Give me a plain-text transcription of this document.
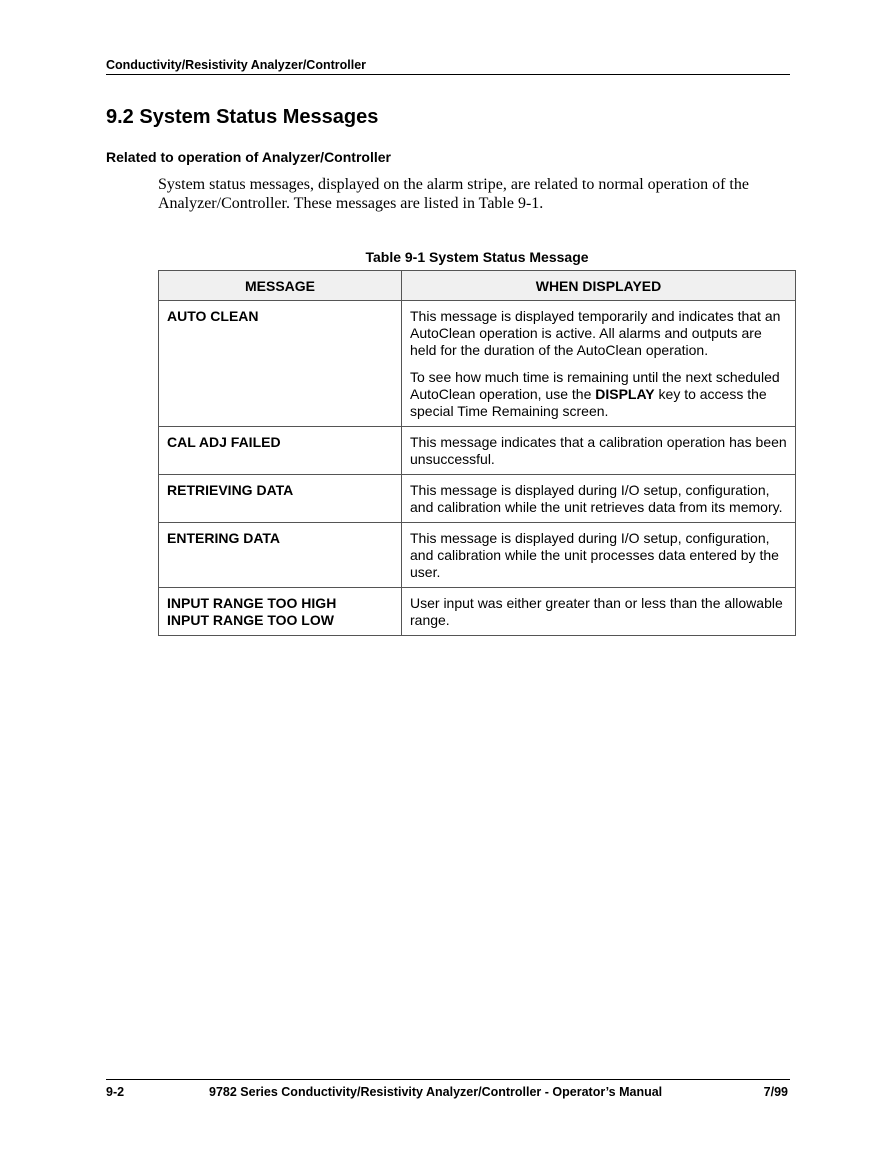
Conductivity/Resistivity Analyzer/Controller
9.2 System Status Messages
Related to operation of Analyzer/Controller

System status messages, displayed on the alarm stripe, are related to normal operation of the Analyzer/Controller. These messages are listed in Table 9-1.

Table 9-1 System Status Message
MESSAGE	WHEN DISPLAYED
AUTO CLEAN	This message is displayed temporarily and indicates that an AutoClean operation is active. All alarms and outputs are held for the duration of the AutoClean operation.

To see how much time is remaining until the next scheduled AutoClean operation, use the DISPLAY key to access the special Time Remaining screen.

CAL ADJ FAILED	This message indicates that a calibration operation has been unsuccessful.

RETRIEVING DATA	This message is displayed during I/O setup, configuration, and calibration while the unit retrieves data from its memory.

ENTERING DATA	This message is displayed during I/O setup, configuration, and calibration while the unit processes data entered by the user.

INPUT RANGE TOO HIGH
INPUT RANGE TOO LOW	User input was either greater than or less than the allowable range.

9-2	9782 Series Conductivity/Resistivity Analyzer/Controller - Operator’s Manual	7/99
